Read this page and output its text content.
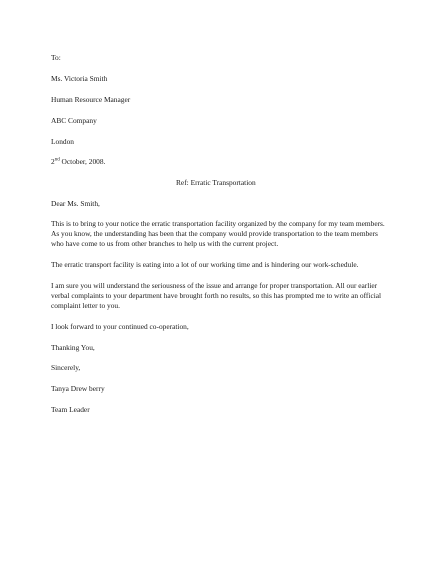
To:
Ms. Victoria Smith
Human Resource Manager
ABC Company
London
2nd October, 2008.
Ref: Erratic Transportation
Dear Ms. Smith,
This is to bring to your notice the erratic transportation facility organized by the company for my team members. As you know, the understanding has been that the company would provide transportation to the team members who have come to us from other branches to help us with the current project.
The erratic transport facility is eating into a lot of our working time and is hindering our work-schedule.
I am sure you will understand the seriousness of the issue and arrange for proper transportation. All our earlier verbal complaints to your department have brought forth no results, so this has prompted me to write an official complaint letter to you.
I look forward to your continued co-operation,
Thanking You,
Sincerely,
Tanya Drew berry
Team Leader
